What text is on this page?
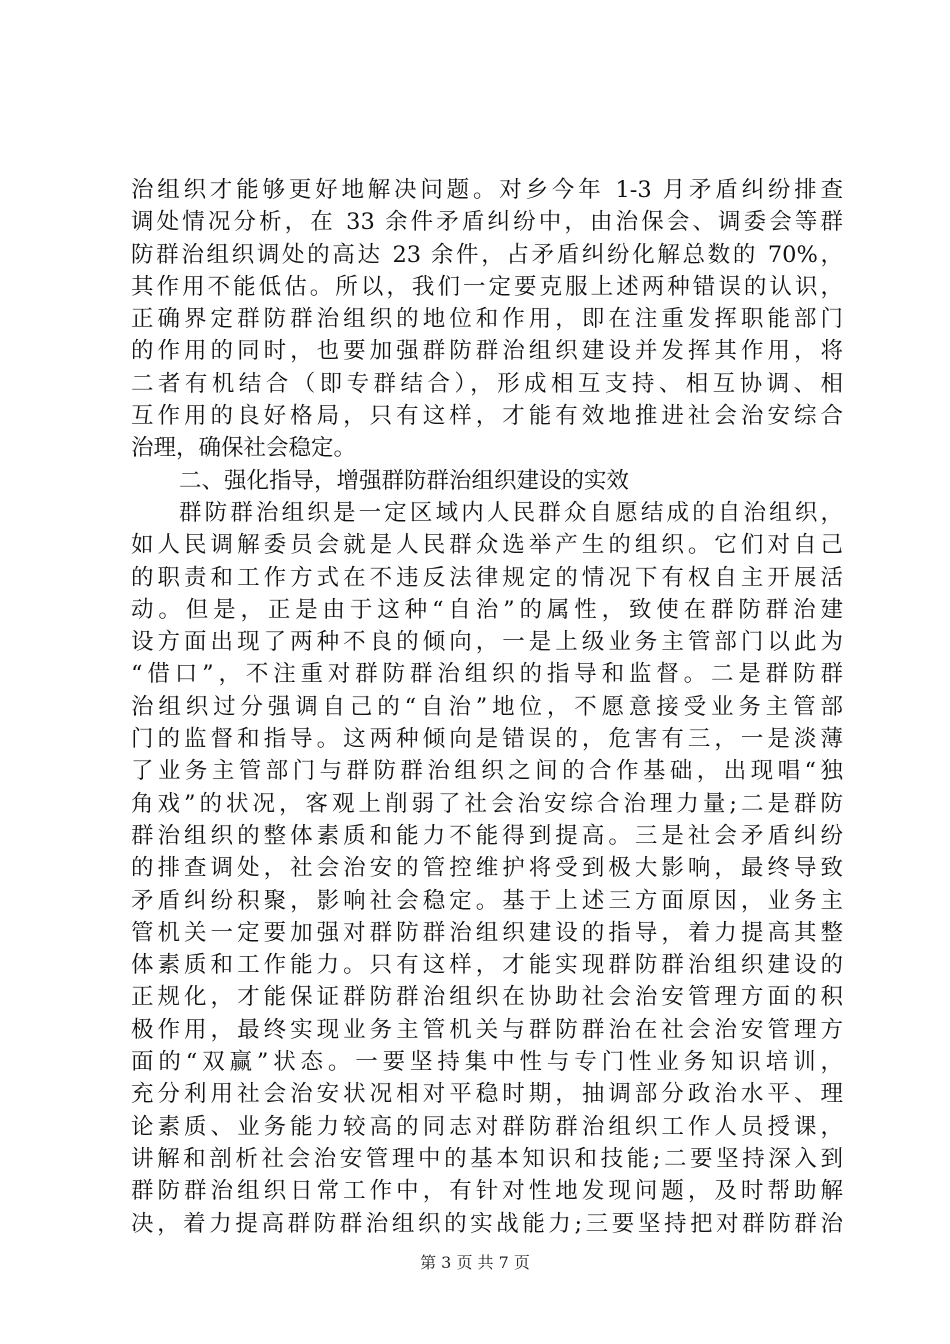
治组织才能够更好地解决问题。对乡今年 1-3 月矛盾纠纷排查
调处情况分析，在 33 余件矛盾纠纷中，由治保会、调委会等群
防群治组织调处的高达 23 余件，占矛盾纠纷化解总数的 70%，
其作用不能低估。所以，我们一定要克服上述两种错误的认识，
正确界定群防群治组织的地位和作用，即在注重发挥职能部门
的作用的同时，也要加强群防群治组织建设并发挥其作用，将
二者有机结合（即专群结合），形成相互支持、相互协调、相
互作用的良好格局，只有这样，才能有效地推进社会治安综合
治理，确保社会稳定。
二、强化指导，增强群防群治组织建设的实效
群防群治组织是一定区域内人民群众自愿结成的自治组织，
如人民调解委员会就是人民群众选举产生的组织。它们对自己
的职责和工作方式在不违反法律规定的情况下有权自主开展活
动。但是，正是由于这种“自治”的属性，致使在群防群治建
设方面出现了两种不良的倾向，一是上级业务主管部门以此为
“借口”，不注重对群防群治组织的指导和监督。二是群防群
治组织过分强调自己的“自治”地位，不愿意接受业务主管部
门的监督和指导。这两种倾向是错误的，危害有三，一是淡薄
了业务主管部门与群防群治组织之间的合作基础，出现唱“独
角戏”的状况，客观上削弱了社会治安综合治理力量;二是群防
群治组织的整体素质和能力不能得到提高。三是社会矛盾纠纷
的排查调处，社会治安的管控维护将受到极大影响，最终导致
矛盾纠纷积聚，影响社会稳定。基于上述三方面原因，业务主
管机关一定要加强对群防群治组织建设的指导，着力提高其整
体素质和工作能力。只有这样，才能实现群防群治组织建设的
正规化，才能保证群防群治组织在协助社会治安管理方面的积
极作用，最终实现业务主管机关与群防群治在社会治安管理方
面的“双赢”状态。一要坚持集中性与专门性业务知识培训，
充分利用社会治安状况相对平稳时期，抽调部分政治水平、理
论素质、业务能力较高的同志对群防群治组织工作人员授课，
讲解和剖析社会治安管理中的基本知识和技能;二要坚持深入到
群防群治组织日常工作中，有针对性地发现问题，及时帮助解
决，着力提高群防群治组织的实战能力;三要坚持把对群防群治
第 3 页 共 7 页
